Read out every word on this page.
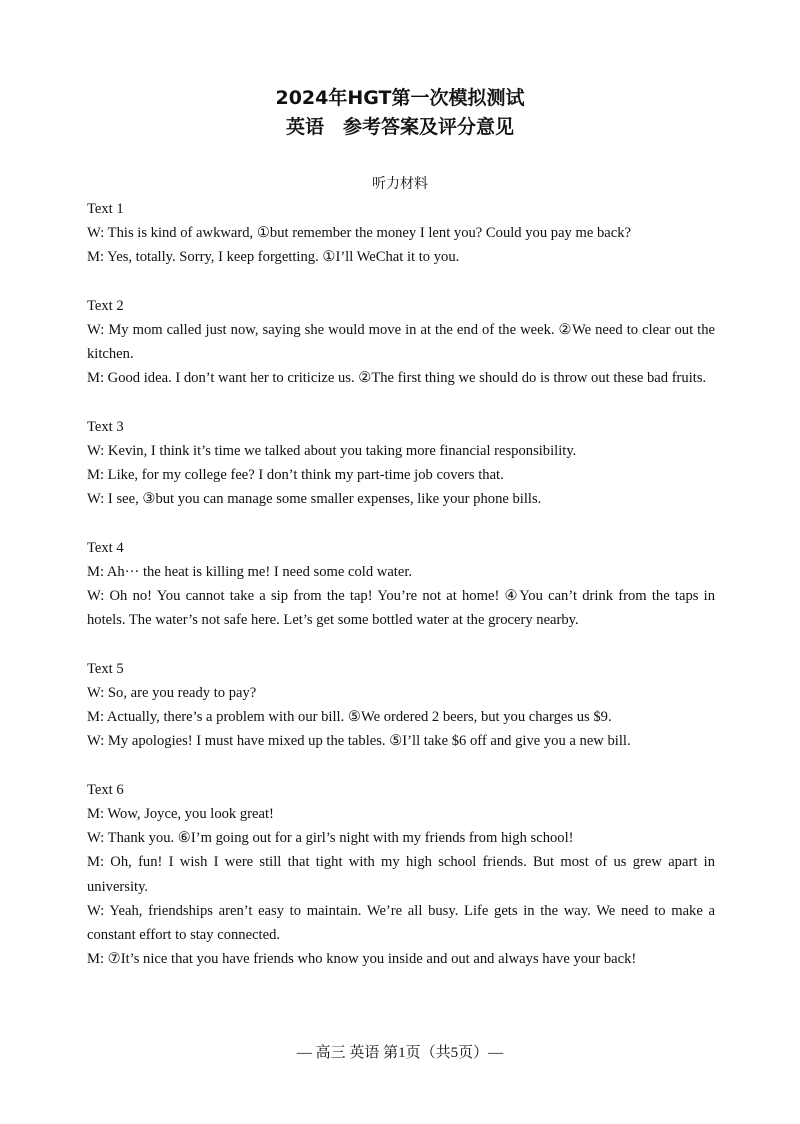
2024年HGT第一次模拟测试
英语　参考答案及评分意见
听力材料
Text 1
W: This is kind of awkward, ①but remember the money I lent you? Could you pay me back?
M: Yes, totally. Sorry, I keep forgetting. ①I’ll WeChat it to you.
Text 2
W: My mom called just now, saying she would move in at the end of the week. ②We need to clear out the kitchen.
M: Good idea. I don’t want her to criticize us. ②The first thing we should do is throw out these bad fruits.
Text 3
W: Kevin, I think it’s time we talked about you taking more financial responsibility.
M: Like, for my college fee? I don’t think my part-time job covers that.
W: I see, ③but you can manage some smaller expenses, like your phone bills.
Text 4
M: Ah··· the heat is killing me! I need some cold water.
W: Oh no! You cannot take a sip from the tap! You’re not at home! ④You can’t drink from the taps in hotels. The water’s not safe here. Let’s get some bottled water at the grocery nearby.
Text 5
W: So, are you ready to pay?
M: Actually, there’s a problem with our bill. ⑤We ordered 2 beers, but you charges us $9.
W: My apologies! I must have mixed up the tables. ⑤I’ll take $6 off and give you a new bill.
Text 6
M: Wow, Joyce, you look great!
W: Thank you. ⑥I’m going out for a girl’s night with my friends from high school!
M: Oh, fun! I wish I were still that tight with my high school friends. But most of us grew apart in university.
W: Yeah, friendships aren’t easy to maintain. We’re all busy. Life gets in the way. We need to make a constant effort to stay connected.
M: ⑦It’s nice that you have friends who know you inside and out and always have your back!
— 高三 英语 第1页（共5页）—
